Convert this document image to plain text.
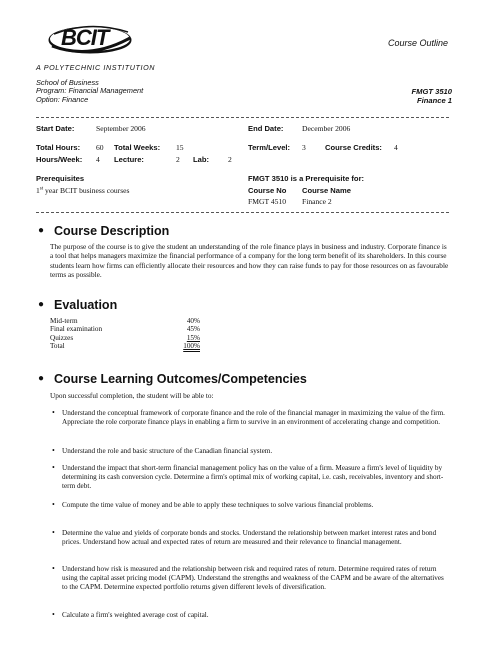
BCIT
A POLYTECHNIC INSTITUTION
Course Outline
School of Business
Program: Financial Management
Option: Finance
FMGT 3510
Finance 1
Start Date:	September 2006	End Date: December 2006
Total Hours: 60 Total Weeks: 15	Term/Level: 3	Course Credits: 4
Hours/Week: 4 Lecture:	2 Lab: 2
Prerequisites
1st year BCIT business courses
FMGT 3510 is a Prerequisite for:
Course No Course Name
FMGT 4510 Finance 2
● Course Description
The purpose of the course is to give the student an understanding of the role finance plays in business and industry. Corporate finance is a tool that helps managers maximize the financial performance of a company for the long term benefit of its shareholders. In this course students learn how firms can efficiently allocate their resources and how they can raise funds to pay for those resources on as favourable terms as possible.
● Evaluation
Mid-term	40%
Final examination	45%
Quizzes	15%
Total	100%
● Course Learning Outcomes/Competencies
Upon successful completion, the student will be able to:
• Understand the conceptual framework of corporate finance and the role of the financial manager in maximizing the value of the firm. Appreciate the role corporate finance plays in enabling a firm to survive in an environment of accelerating change and competition.
• Understand the role and basic structure of the Canadian financial system.
• Understand the impact that short-term financial management policy has on the value of a firm. Measure a firm's level of liquidity by determining its cash conversion cycle. Determine a firm's optimal mix of working capital, i.e. cash, receivables, inventory and short-term debt.
• Compute the time value of money and be able to apply these techniques to solve various financial problems.
• Determine the value and yields of corporate bonds and stocks. Understand the relationship between market interest rates and bond prices. Understand how actual and expected rates of return are measured and their relevance to financial management.
• Understand how risk is measured and the relationship between risk and required rates of return. Determine required rates of return using the capital asset pricing model (CAPM). Understand the strengths and weakness of the CAPM and be aware of the alternatives to the CAPM. Determine expected portfolio returns given different levels of diversification.
• Calculate a firm's weighted average cost of capital.
